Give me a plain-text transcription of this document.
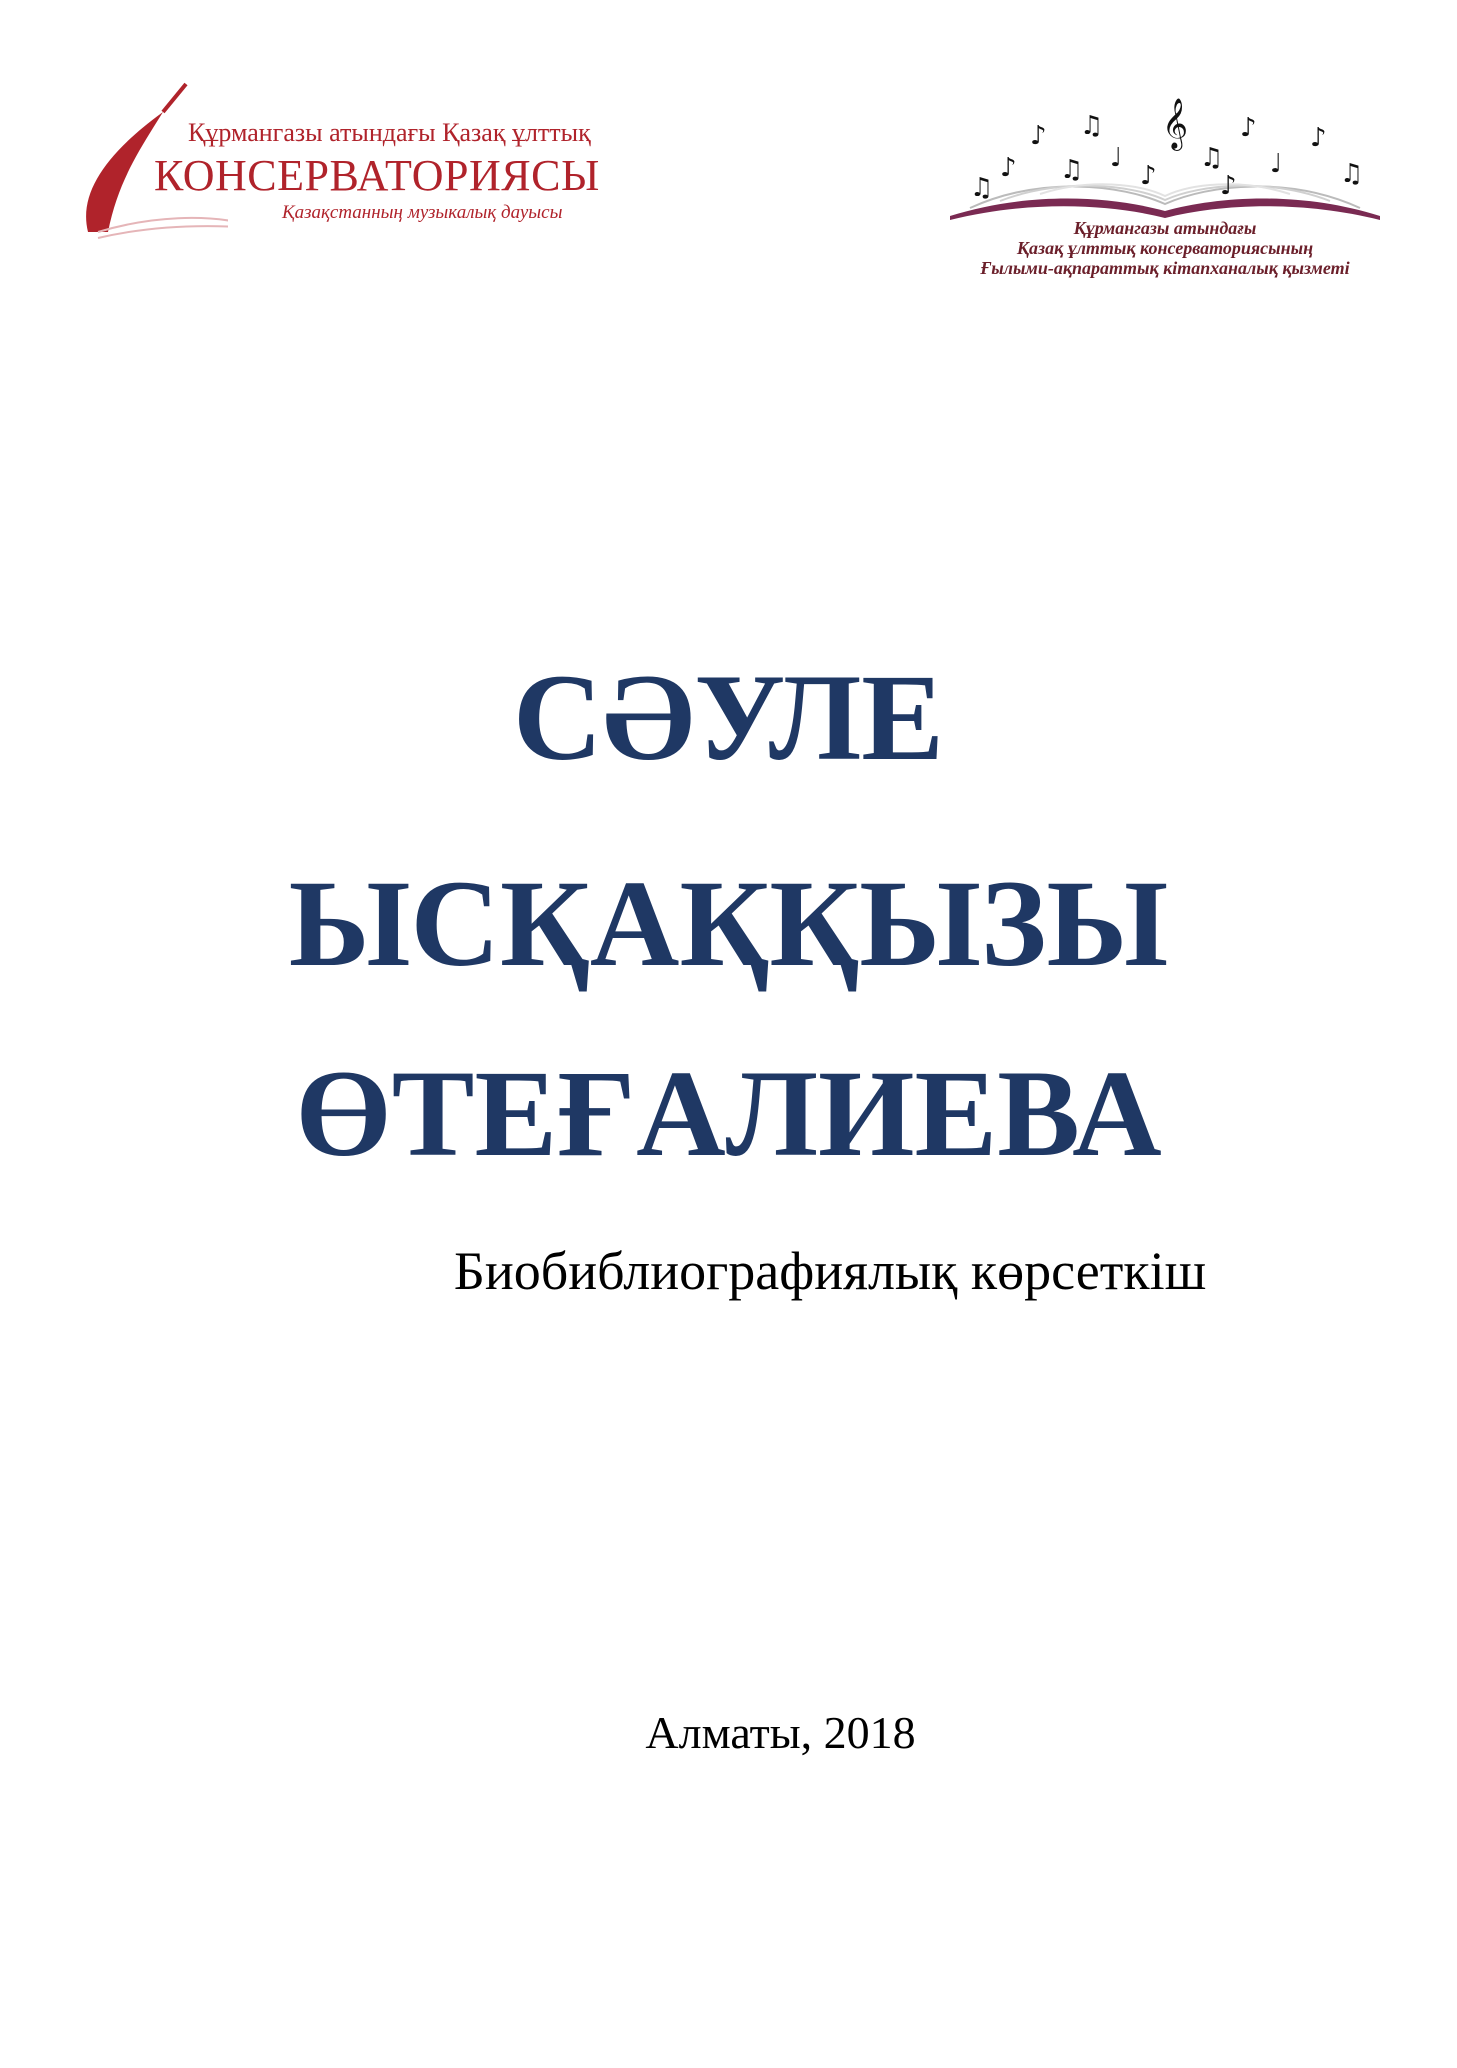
Құрмангазы атындағы Қазақ ұлттық
КОНСЕРВАТОРИЯСЫ
Қазақстанның музыкалық дауысы
𝄞
♪ ♫
♩
♪ ♫ ♪
♫
♪
♩
♪
♫
♫	♪
Құрмангазы атындағы
Қазақ ұлттық консерваториясының
Ғылыми-ақпараттық кітапханалық қызметі
СӘУЛЕ
ЫСҚАҚҚЫЗЫ
ӨТЕҒАЛИЕВА
Биобиблиографиялық көрсеткіш
Алматы, 2018
